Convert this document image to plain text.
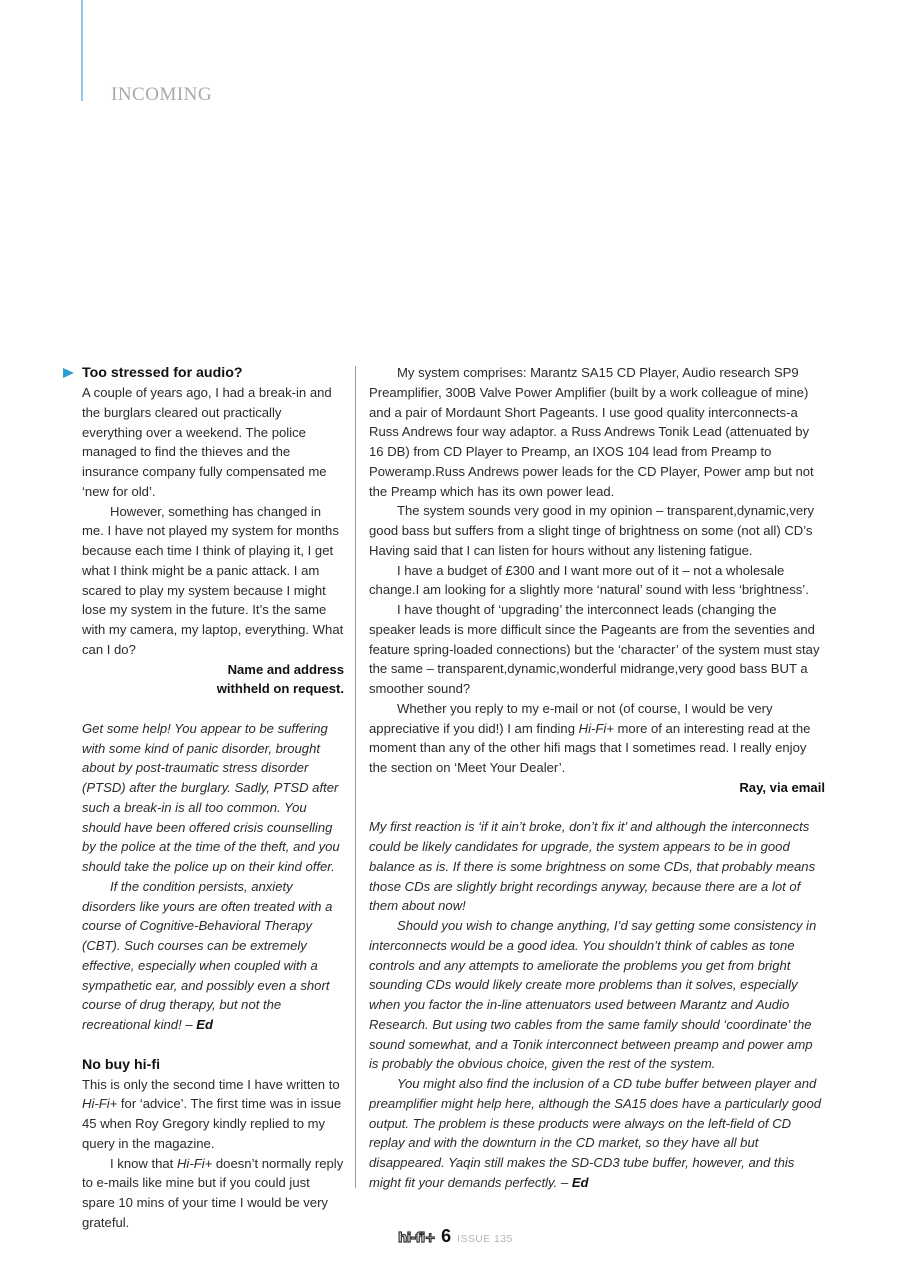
INCOMING
Too stressed for audio?

A couple of years ago, I had a break-in and the burglars cleared out practically everything over a weekend. The police managed to find the thieves and the insurance company fully compensated me ‘new for old’.

However, something has changed in me. I have not played my system for months because each time I think of playing it, I get what I think might be a panic attack. I am scared to play my system because I might lose my system in the future. It’s the same with my camera, my laptop, everything. What can I do?

Name and address

withheld on request.

Get some help! You appear to be suffering with some kind of panic disorder, brought about by post-traumatic stress disorder (PTSD) after the burglary. Sadly, PTSD after such a break-in is all too common. You should have been offered crisis counselling by the police at the time of the theft, and you should take the police up on their kind offer.

If the condition persists, anxiety disorders like yours are often treated with a course of Cognitive-Behavioral Therapy (CBT). Such courses can be extremely effective, especially when coupled with a sympathetic ear, and possibly even a short course of drug therapy, but not the recreational kind! – Ed

No buy hi-fi

This is only the second time I have written to Hi-Fi+ for ‘advice’. The first time was in issue 45 when Roy Gregory kindly replied to my query in the magazine.

I know that Hi-Fi+ doesn’t normally reply to e-mails like mine but if you could just spare 10 mins of your time I would be very grateful.

My system comprises: Marantz SA15 CD Player, Audio research SP9 Preamplifier, 300B Valve Power Amplifier (built by a work colleague of mine) and a pair of Mordaunt Short Pageants. I use good quality interconnects-a Russ Andrews four way adaptor. a Russ Andrews Tonik Lead (attenuated by 16 DB) from CD Player to Preamp, an IXOS 104 lead from Preamp to Poweramp.Russ Andrews power leads for the CD Player, Power amp but not the Preamp which has its own power lead.

The system sounds very good in my opinion – transparent,dynamic,very good bass but suffers from a slight tinge of brightness on some (not all) CD’s Having said that I can listen for hours without any listening fatigue.

I have a budget of £300 and I want more out of it – not a wholesale change.I am looking for a slightly more ‘natural’ sound with less ‘brightness’.

I have thought of ‘upgrading’ the interconnect leads (changing the speaker leads is more difficult since the Pageants are from the seventies and feature spring-loaded connections) but the ‘character’ of the system must stay the same – transparent,dynamic,wonderful midrange,very good bass BUT a smoother sound?

Whether you reply to my e-mail or not (of course, I would be very appreciative if you did!) I am finding Hi-Fi+ more of an interesting read at the moment than any of the other hifi mags that I sometimes read. I really enjoy the section on ‘Meet Your Dealer’.

Ray, via email

My first reaction is ‘if it ain’t broke, don’t fix it’ and although the interconnects could be likely candidates for upgrade, the system appears to be in good balance as is. If there is some brightness on some CDs, that probably means those CDs are slightly bright recordings anyway, because there are a lot of them about now!

Should you wish to change anything, I’d say getting some consistency in interconnects would be a good idea. You shouldn’t think of cables as tone controls and any attempts to ameliorate the problems you get from bright sounding CDs would likely create more problems than it solves, especially when you factor the in-line attenuators used between Marantz and Audio Research. But using two cables from the same family should ‘coordinate’ the sound somewhat, and a Tonik interconnect between preamp and power amp is probably the obvious choice, given the rest of the system.

You might also find the inclusion of a CD tube buffer between player and preamplifier might help here, although the SA15 does have a particularly good output. The problem is these products were always on the left-field of CD replay and with the downturn in the CD market, so they have all but disappeared. Yaqin still makes the SD-CD3 tube buffer, however, and this might fit your demands perfectly. – Ed

hi-fi+ 6 ISSUE 135
